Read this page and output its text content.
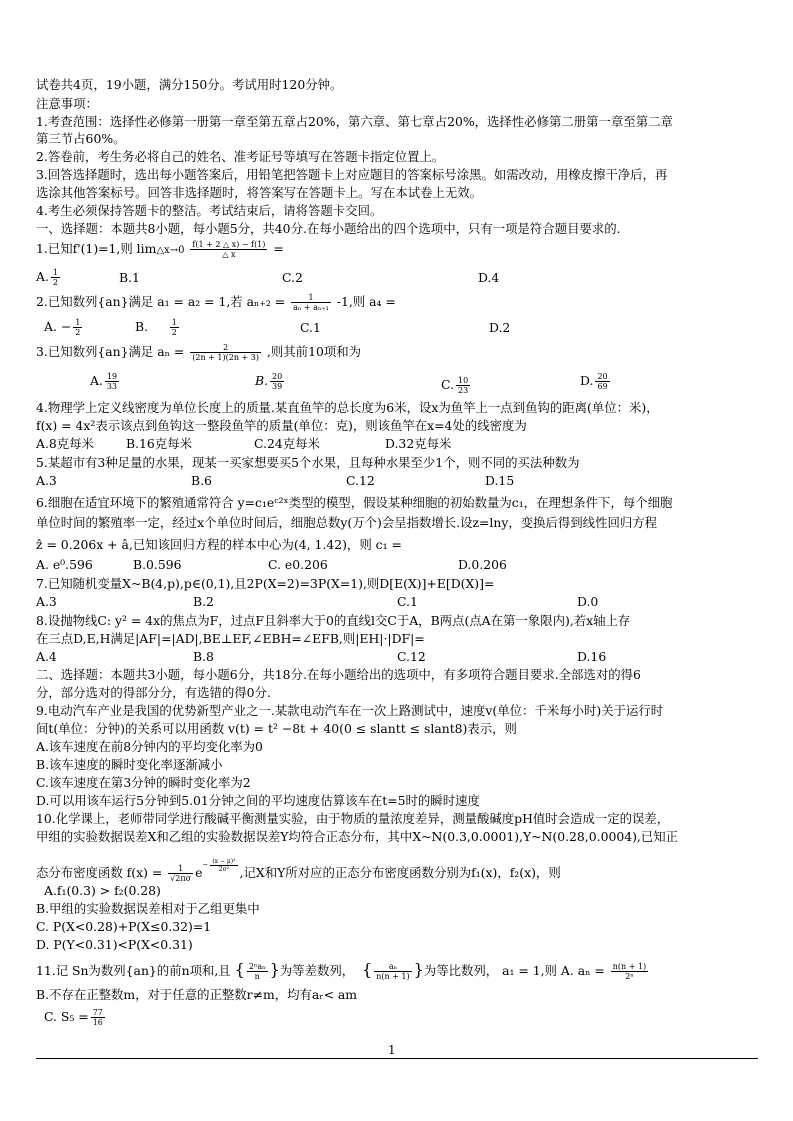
试卷共4页，19小题，满分150分。考试用时120分钟。
注意事项：
1.考查范围：选择性必修第一册第一章至第五章占20%，第六章、第七章占20%，选择性必修第二册第一章至第二章
第三节占60%。
2.答卷前，考生务必将自己的姓名、准考证号等填写在答题卡指定位置上。
3.回答选择题时，选出每小题答案后，用铅笔把答题卡上对应题目的答案标号涂黑。如需改动，用橡皮擦干净后，再
选涂其他答案标号。回答非选择题时，将答案写在答题卡上。写在本试卷上无效。
4.考生必须保持答题卡的整洁。考试结束后，请将答题卡交回。
一、选择题：本题共8小题，每小题5分，共40分.在每小题给出的四个选项中，只有一项是符合题目要求的.
1.已知f'(1)=1,则 lim△x→0 $\frac{f(1 + 2 \triangle x) - f(1)}{\triangle x}$ =
A. $\frac{1}{2}$	B.1	C.2	D.4
2.已知数列{an}满足 a₁ = a₂ = 1,若 $a_{n+2} = \frac{1}{\text{aₙ + aₙ₊₁}} -1$,则 a₄ =
A. − $\frac{1}{2}$	B.	$\frac{1}{2}$	C.1	D.2
3.已知数列{an}满足 $a_n = \frac{2}{(2n + 1)(2n + 3)}$ ,则其前10项和为
A. $\frac{19}{33}$	B. $\frac{20}{39}$	C. $\frac{10}{23}$	D. $\frac{20}{69}$
4.物理学上定义线密度为单位长度上的质量.某直鱼竿的总长度为6米，设x为鱼竿上一点到鱼钩的距离(单位：米)，
f(x) = 4x²表示该点到鱼钩这一整段鱼竿的质量(单位：克)，则该鱼竿在x=4处的线密度为
A.8克每米	B.16克每米	C.24克每米	D.32克每米
5.某超市有3种足量的水果，现某一买家想要买5个水果，且每种水果至少1个，则不同的买法种数为
A.3	B.6	C.12	D.15
6.细胞在适宜环境下的繁殖通常符合 y=c₁eᶜ²ˣ类型的模型，假设某种细胞的初始数量为c₁，在理想条件下，每个细胞
单位时间的繁殖率一定，经过x个单位时间后，细胞总数y(万个)会呈指数增长.设z=lny，变换后得到线性回归方程
ẑ = 0.206x + â,已知该回归方程的样本中心为(4, 1.42)，则 c₁ =
A. e⁰.596	B.0.596	C. e0.206	D.0.206
7.已知随机变量X~B(4,p),p∈(0,1),且2P(X=2)=3P(X=1),则D[E(X)]+E[D(X)]=
A.3	B.2	C.1	D.0
8.设抛物线C: y² = 4x的焦点为F，过点F且斜率大于0的直线l交C于A，B两点(点A在第一象限内),若x轴上存
在三点D,E,H满足|AF|=|AD|,BE⊥EF,∠EBH=∠EFB,则|EH|·|DF|=
A.4	B.8	C.12	D.16
二、选择题：本题共3小题，每小题6分，共18分.在每小题给出的选项中，有多项符合题目要求.全部选对的得6
分，部分选对的得部分分，有选错的得0分.
9.电动汽车产业是我国的优势新型产业之一.某款电动汽车在一次上路测试中，速度v(单位：千米每小时)关于运行时
间t(单位：分钟)的关系可以用函数 v(t) = t² −8t + 40(0 ≤ slantt ≤ slant8)表示，则
A.该车速度在前8分钟内的平均变化率为0
B.该车速度的瞬时变化率逐渐减小
C.该车速度在第3分钟的瞬时变化率为2
D.可以用该车运行5分钟到5.01分钟之间的平均速度估算该车在t=5时的瞬时速度
10.化学课上，老师带同学进行酸碱平衡测量实验，由于物质的量浓度差异，测量酸碱度pH值时会造成一定的误差，
甲组的实验数据误差X和乙组的实验数据误差Y均符合正态分布，其中X~N(0.3,0.0001),Y~N(0.28,0.0004),已知正
态分布密度函数 $f(x) = \frac{1}{√2\pi\sigma} e^{- \frac{\text{(x − μ)²}}{\text{2σ²}}}$ ,记X和Y所对应的正态分布密度函数分别为f₁(x)，f₂(x)，则
A.f₁(0.3) > f₂(0.28)
B.甲组的实验数据误差相对于乙组更集中
C. P(X<0.28)+P(X≤0.32)=1
D. P(Y<0.31)<P(X<0.31)
11.记 Sn为数列{an}的前n项和,且 { $\frac{\text{2ⁿaₙ}}{n}$ }为等差数列， { $\frac{\text{aₙ}}{n(n + 1)}$ }为等比数列， a₁ = 1,则 A. $a_n = \frac{n(n + 1)}{\text{2ⁿ}}$
B.不存在正整数m，对于任意的正整数r≠m，均有aᵣ< am
C. $S_5 = \frac{77}{16}$
1
